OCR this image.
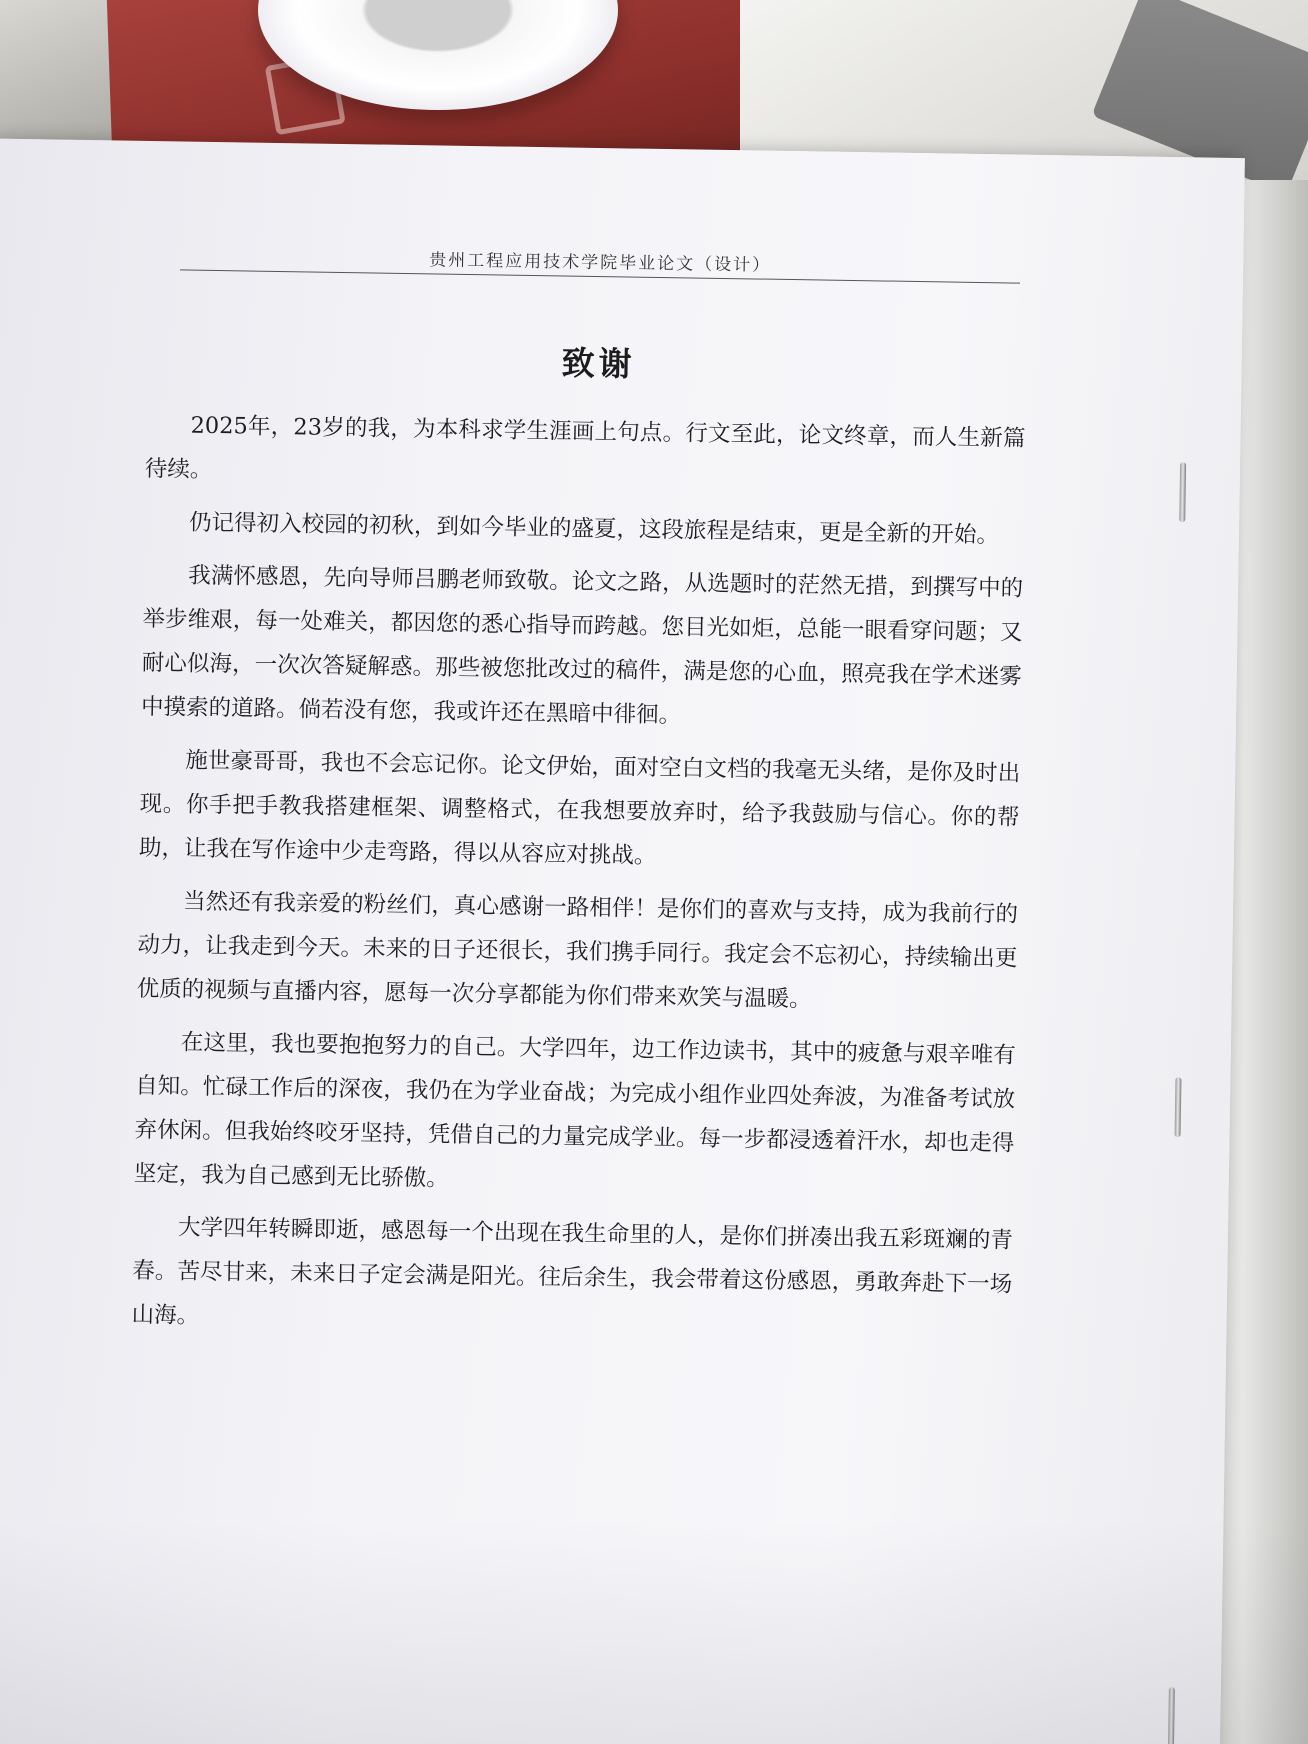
贵州工程应用技术学院毕业论文（设计）
致谢

2025年，23岁的我，为本科求学生涯画上句点。行文至此，论文终章，而人生新篇待续。

仍记得初入校园的初秋，到如今毕业的盛夏，这段旅程是结束，更是全新的开始。

我满怀感恩，先向导师吕鹏老师致敬。论文之路，从选题时的茫然无措，到撰写中的举步维艰，每一处难关，都因您的悉心指导而跨越。您目光如炬，总能一眼看穿问题；又耐心似海，一次次答疑解惑。那些被您批改过的稿件，满是您的心血，照亮我在学术迷雾中摸索的道路。倘若没有您，我或许还在黑暗中徘徊。

施世豪哥哥，我也不会忘记你。论文伊始，面对空白文档的我毫无头绪，是你及时出现。你手把手教我搭建框架、调整格式，在我想要放弃时，给予我鼓励与信心。你的帮助，让我在写作途中少走弯路，得以从容应对挑战。

当然还有我亲爱的粉丝们，真心感谢一路相伴！是你们的喜欢与支持，成为我前行的动力，让我走到今天。未来的日子还很长，我们携手同行。我定会不忘初心，持续输出更优质的视频与直播内容，愿每一次分享都能为你们带来欢笑与温暖。

在这里，我也要抱抱努力的自己。大学四年，边工作边读书，其中的疲惫与艰辛唯有自知。忙碌工作后的深夜，我仍在为学业奋战；为完成小组作业四处奔波，为准备考试放弃休闲。但我始终咬牙坚持，凭借自己的力量完成学业。每一步都浸透着汗水，却也走得坚定，我为自己感到无比骄傲。

大学四年转瞬即逝，感恩每一个出现在我生命里的人，是你们拼凑出我五彩斑斓的青春。苦尽甘来，未来日子定会满是阳光。往后余生，我会带着这份感恩，勇敢奔赴下一场山海。
